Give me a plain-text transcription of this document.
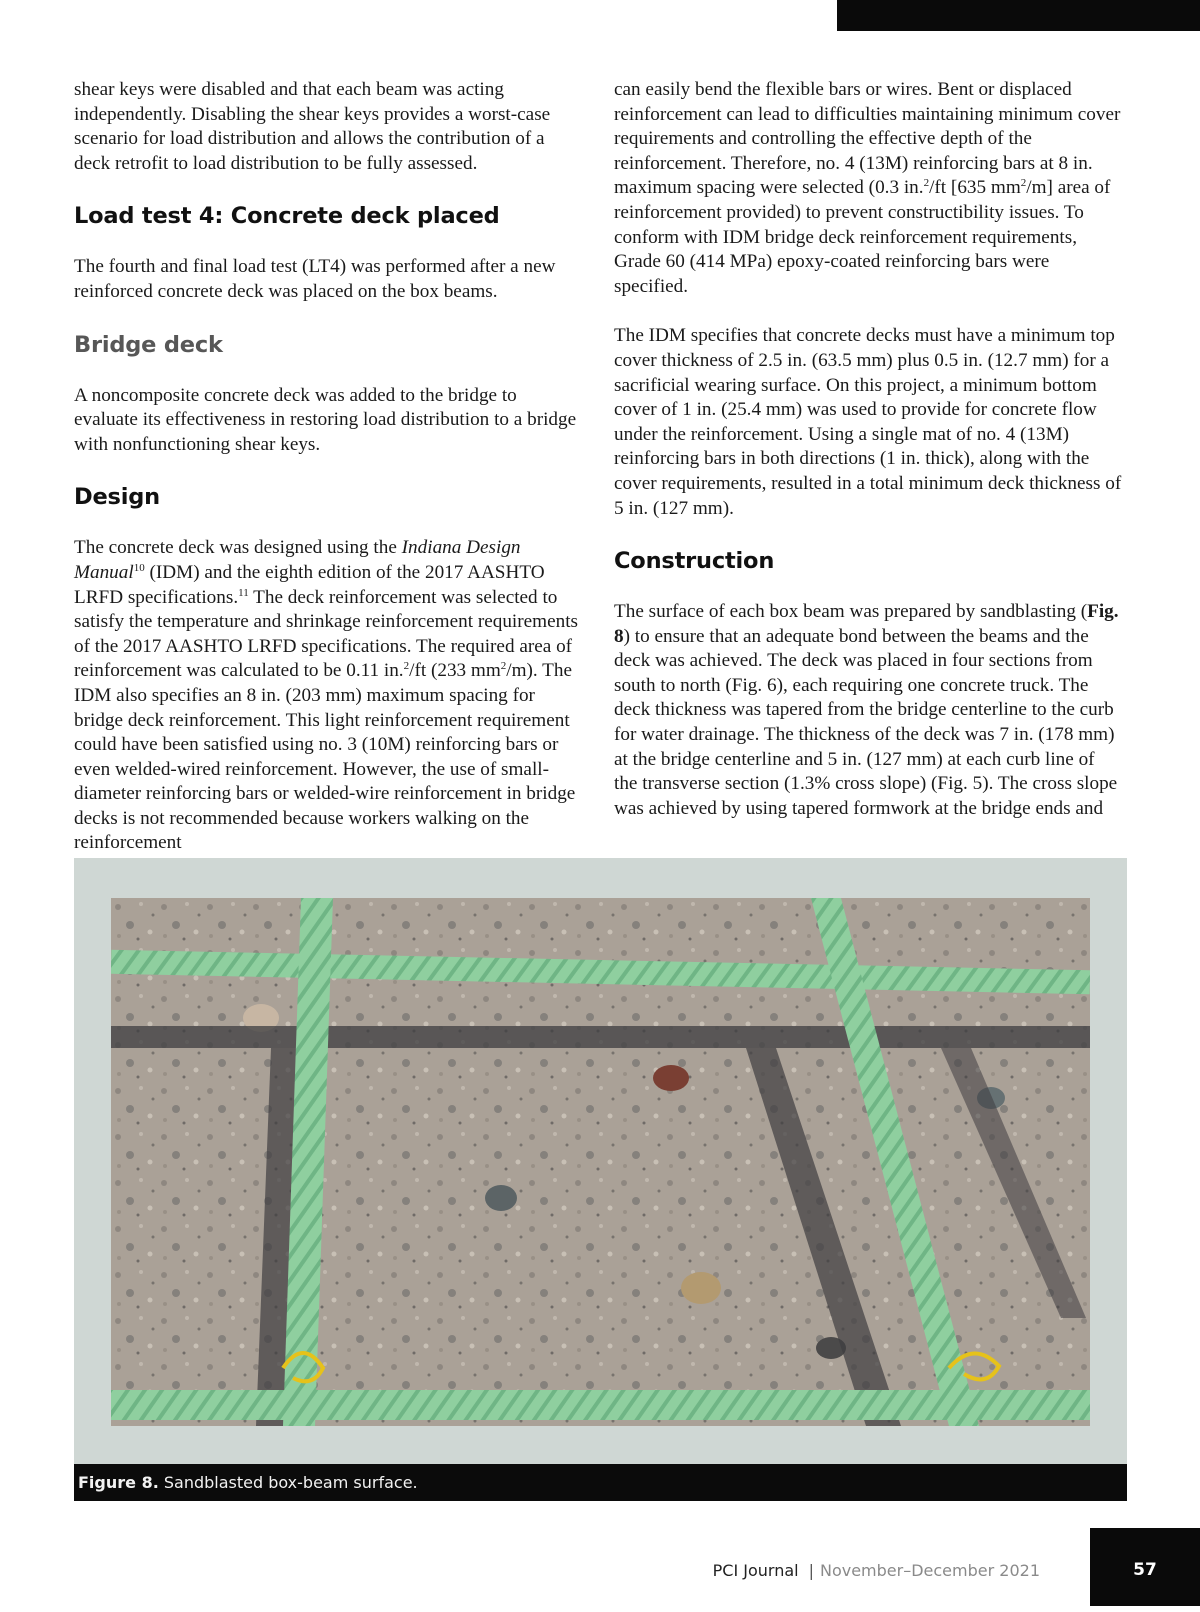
shear keys were disabled and that each beam was acting independently. Disabling the shear keys provides a worst-case scenario for load distribution and allows the contribution of a deck retrofit to load distribution to be fully assessed.

Load test 4: Concrete deck placed

The fourth and final load test (LT4) was performed after a new reinforced concrete deck was placed on the box beams.

Bridge deck

A noncomposite concrete deck was added to the bridge to evaluate its effectiveness in restoring load distribution to a bridge with nonfunctioning shear keys.

Design

The concrete deck was designed using the Indiana Design Manual$^{10}$ (IDM) and the eighth edition of the 2017 AASHTO LRFD specifications.$^{11}$ The deck reinforcement was selected to satisfy the temperature and shrinkage reinforcement requirements of the 2017 AASHTO LRFD specifications. The required area of reinforcement was calculated to be 0.11 in.$^2$/ft (233 $mm^2/m$). The IDM also specifies an 8 in. (203 mm) maximum spacing for bridge deck reinforcement. This light reinforcement requirement could have been satisfied using no. 3 (10M) reinforcing bars or even welded-wired reinforcement. However, the use of small-diameter reinforcing bars or welded-wire reinforcement in bridge decks is not recommended because workers walking on the reinforcement

can easily bend the flexible bars or wires. Bent or displaced reinforcement can lead to difficulties maintaining minimum cover requirements and controlling the effective depth of the reinforcement. Therefore, no. 4 (13M) reinforcing bars at 8 in. maximum spacing were selected (0.3 in.$^2$/ft [635 $mm^2/m$] area of reinforcement provided) to prevent constructibility issues. To conform with IDM bridge deck reinforcement requirements, Grade 60 (414 MPa) epoxy-coated reinforcing bars were specified.

The IDM specifies that concrete decks must have a minimum top cover thickness of 2.5 in. (63.5 mm) plus 0.5 in. (12.7 mm) for a sacrificial wearing surface. On this project, a minimum bottom cover of 1 in. (25.4 mm) was used to provide for concrete flow under the reinforcement. Using a single mat of no. 4 (13M) reinforcing bars in both directions (1 in. thick), along with the cover requirements, resulted in a total minimum deck thickness of 5 in. (127 mm).

Construction

The surface of each box beam was prepared by sandblasting (Fig. 8) to ensure that an adequate bond between the beams and the deck was achieved. The deck was placed in four sections from south to north (Fig. 6), each requiring one concrete truck. The deck thickness was tapered from the bridge centerline to the curb for water drainage. The thickness of the deck was 7 in. (178 mm) at the bridge centerline and 5 in. (127 mm) at each curb line of the transverse section (1.3% cross slope) (Fig. 5). The cross slope was achieved by using tapered formwork at the bridge ends and

Figure 8. Sandblasted box-beam surface.
PCI Journal | November–December 2021	57
